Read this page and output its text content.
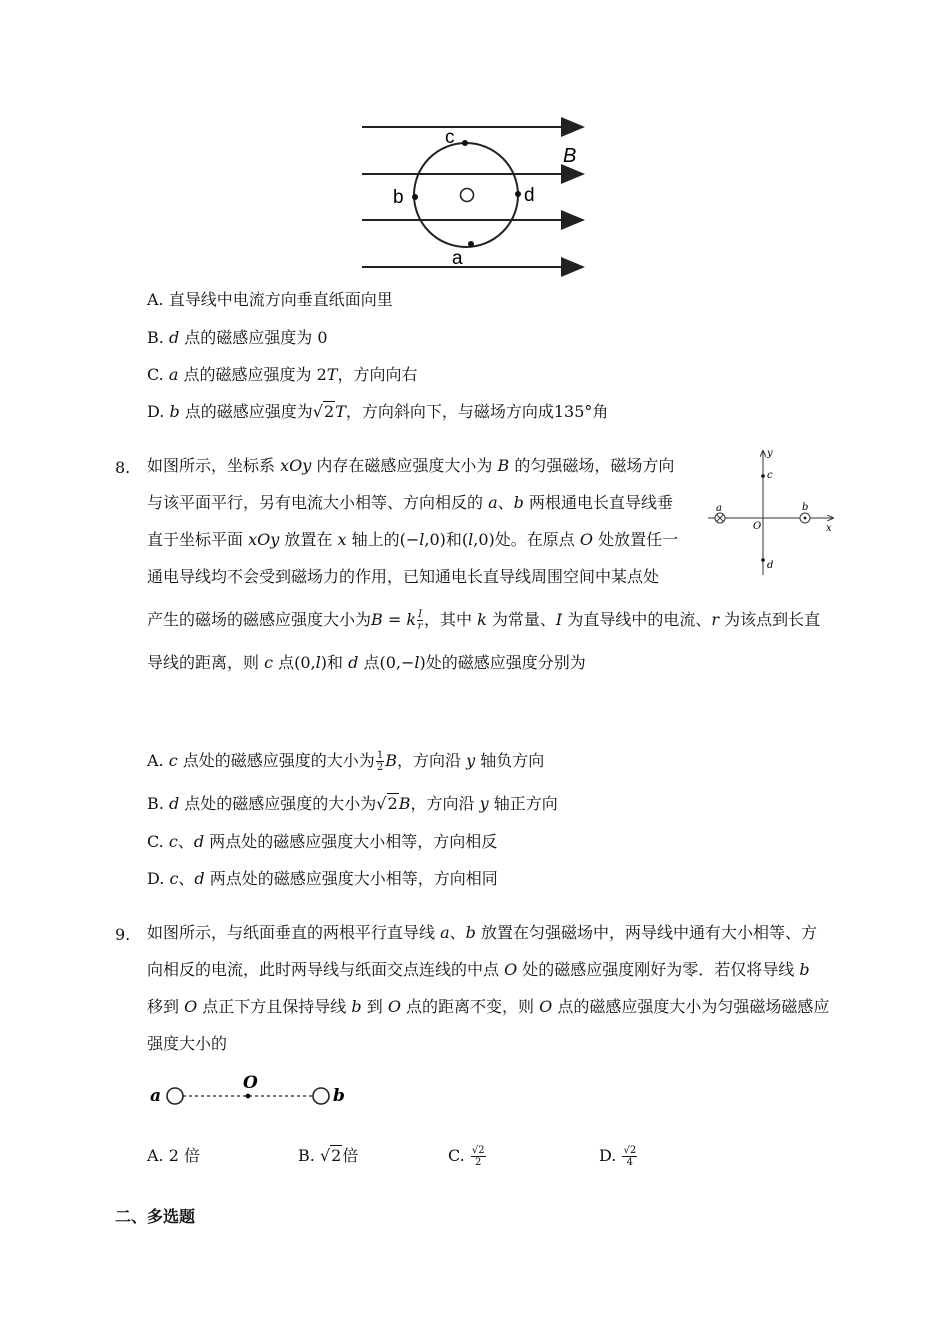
c
b	d
a
B
A. 直导线中电流方向垂直纸面向里
B. d 点的磁感应强度为 0
C. a 点的磁感应强度为 2T，方向向右
D. b 点的磁感应强度为√2T，方向斜向下，与磁场方向成135°角
8. 如图所示，坐标系 xOy 内存在磁感应强度大小为 B 的匀强磁场，磁场方向
与该平面平行，另有电流大小相等、方向相反的 a、b 两根通电长直导线垂
直于坐标平面 xOy 放置在 x 轴上的(−l,0)和(l,0)处。在原点 O 处放置任一
通电导线均不会受到磁场力的作用，已知通电长直导线周围空间中某点处
产生的磁场的磁感应强度大小为B = k $\frac{I}{r}$ ，其中 k 为常量、I 为直导线中的电流、r 为该点到长直
导线的距离，则 c 点(0,l)和 d 点(0,−l)处的磁感应强度分别为
y
c
a	b
O	x
d
A. c 点处的磁感应强度的大小为 $\frac{1}{2}$ B，方向沿 y 轴负方向
B. d 点处的磁感应强度的大小为√2B，方向沿 y 轴正方向
C. c、d 两点处的磁感应强度大小相等，方向相反
D. c、d 两点处的磁感应强度大小相等，方向相同
9. 如图所示，与纸面垂直的两根平行直导线 a、b 放置在匀强磁场中，两导线中通有大小相等、方
向相反的电流，此时两导线与纸面交点连线的中点 O 处的磁感应强度刚好为零．若仅将导线 b
移到 O 点正下方且保持导线 b 到 O 点的距离不变，则 O 点的磁感应强度大小为匀强磁场磁感应
强度大小的
a
O
b
A. 2 倍	B. √2倍	C. $\frac{√2}{2}$	D. $\frac{√2}{4}$
二、多选题
